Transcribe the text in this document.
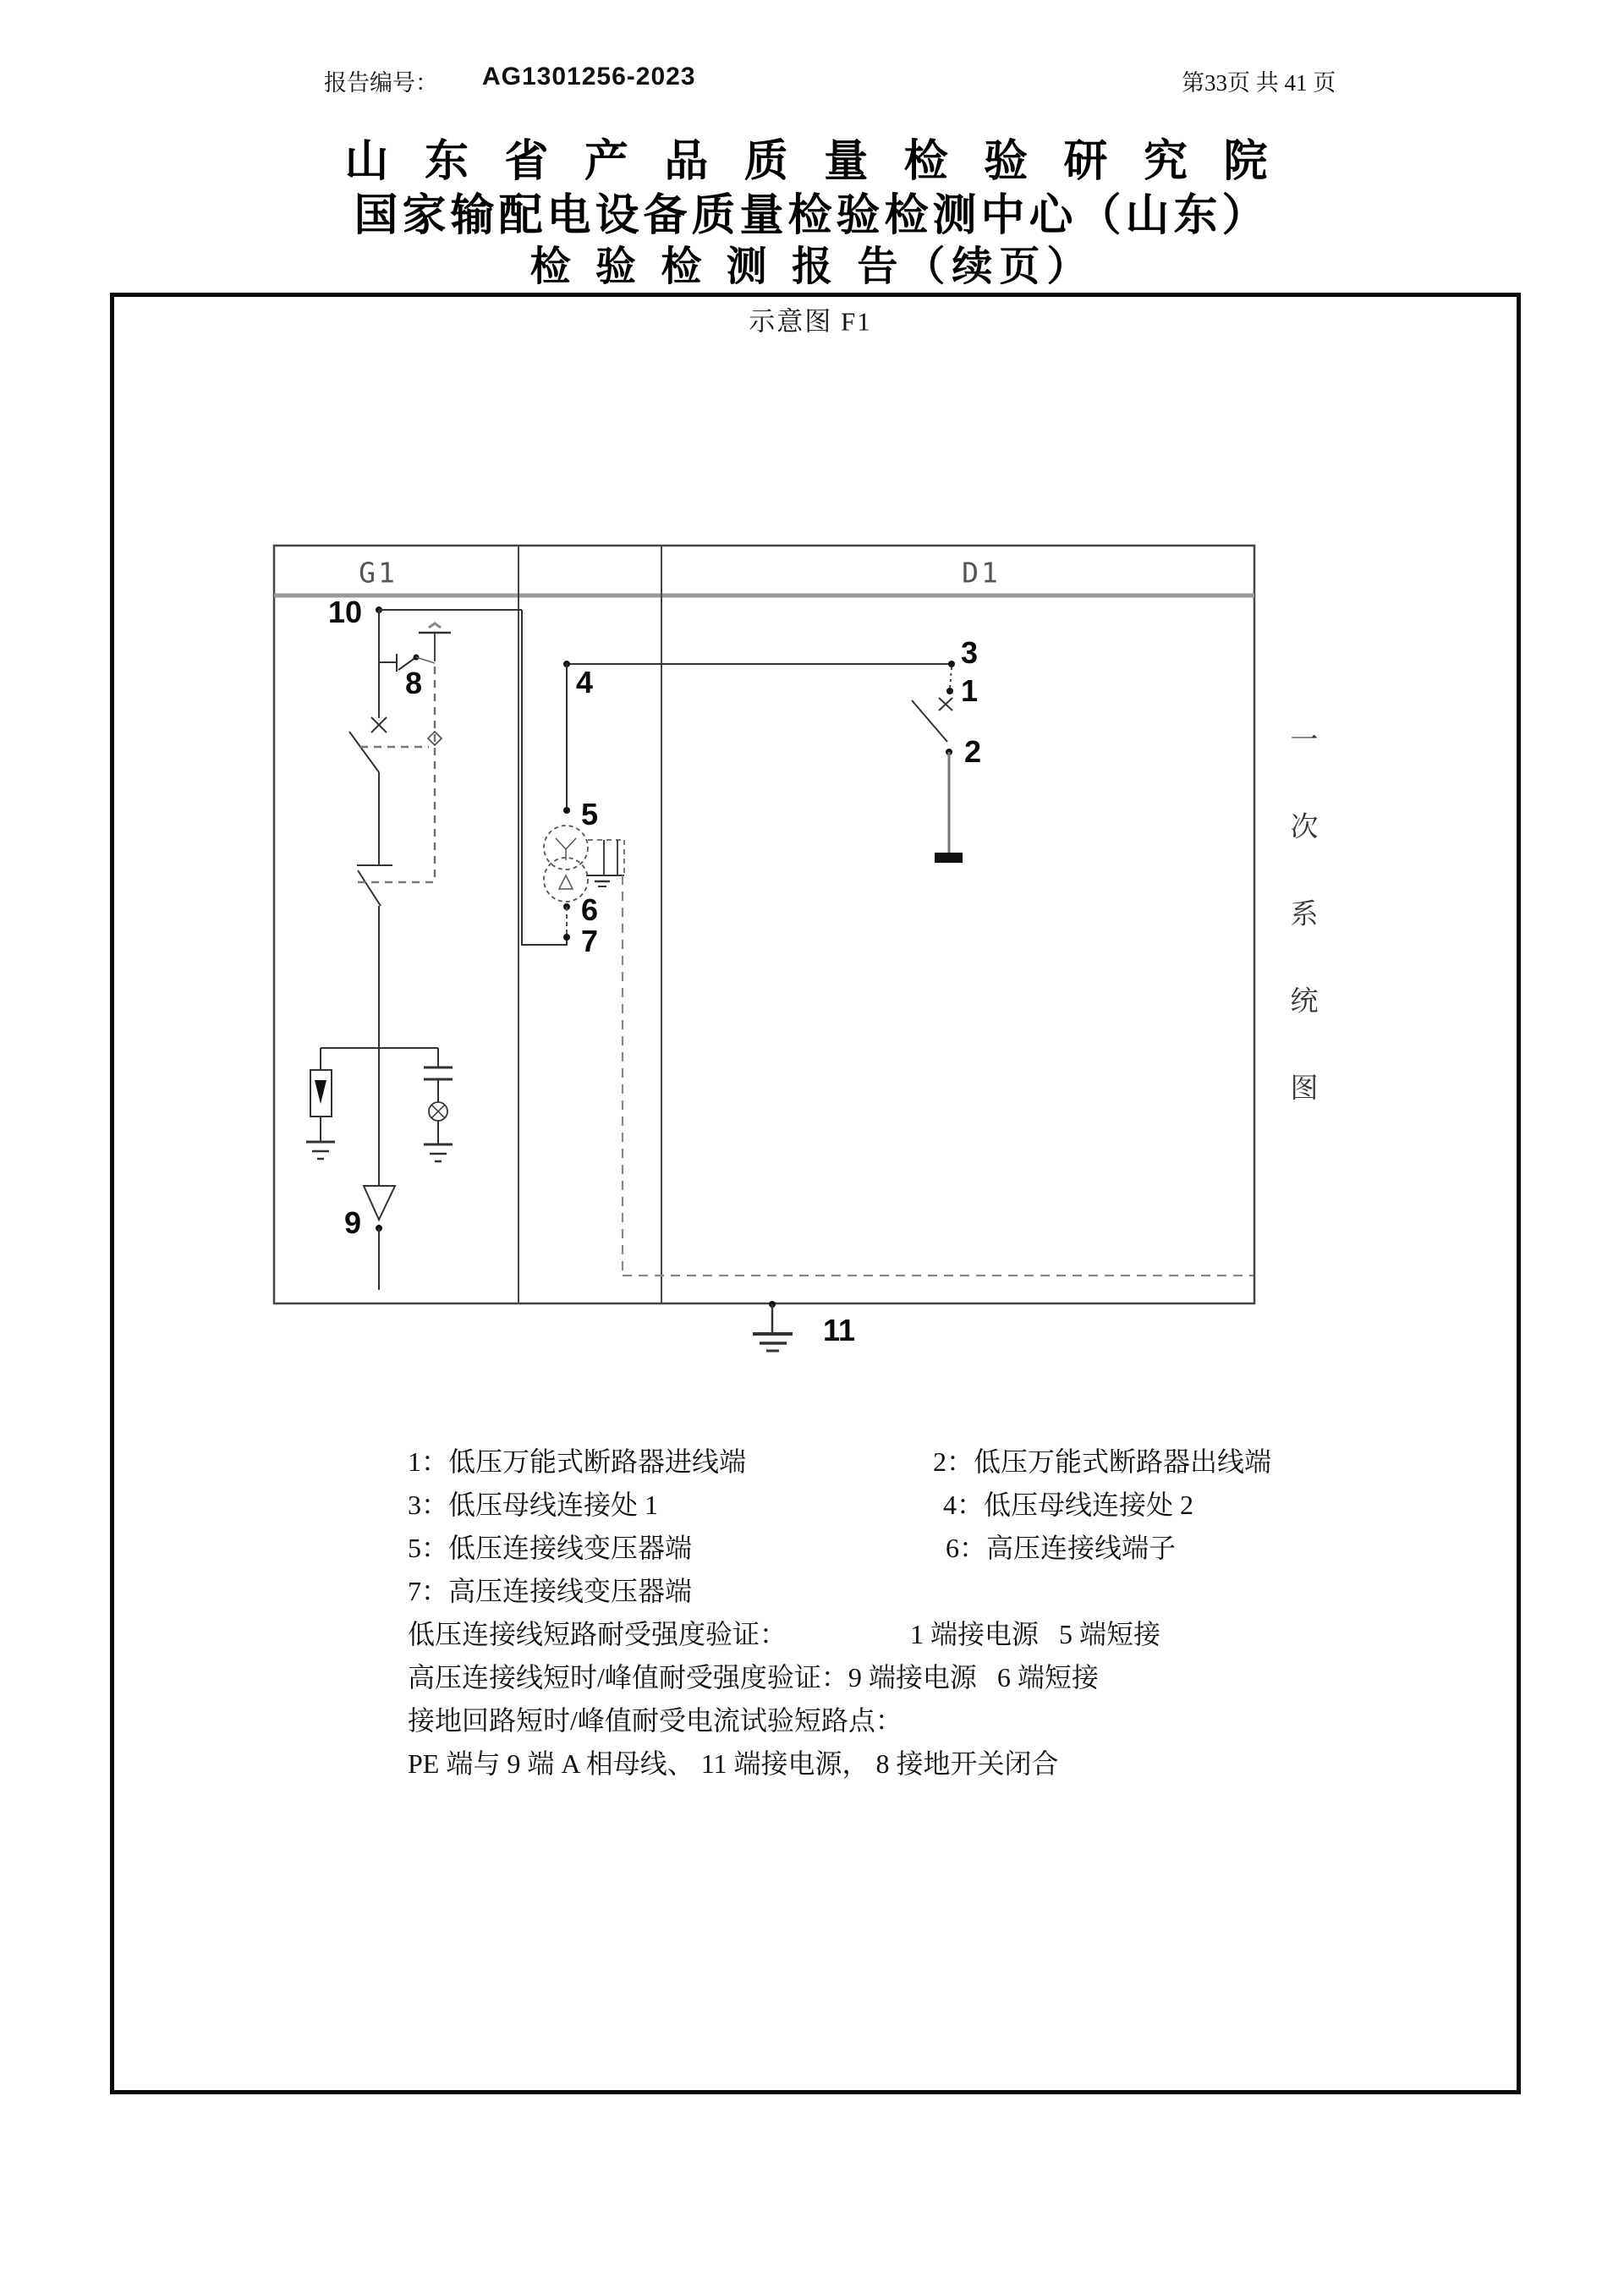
报告编号： AG1301256-2023	第33页 共 41 页
山 东 省 产 品 质 量 检 验 研 究 院
国家输配电设备质量检验检测中心（山东）
检 验 检 测 报 告（续页）
示意图 F1
G1	D1
10
8	4
5
6
7
3
1
2
9
11
一
次
系
统
图
1：低压万能式断路器进线端	2：低压万能式断路器出线端
3：低压母线连接处 1	4：低压母线连接处 2
5：低压连接线变压器端	6：高压连接线端子
7：高压连接线变压器端
低压连接线短路耐受强度验证：	1 端接电源   5 端短接
高压连接线短时/峰值耐受强度验证：9 端接电源   6 端短接
接地回路短时/峰值耐受电流试验短路点：
PE 端与 9 端 A 相母线、 11 端接电源， 8 接地开关闭合
